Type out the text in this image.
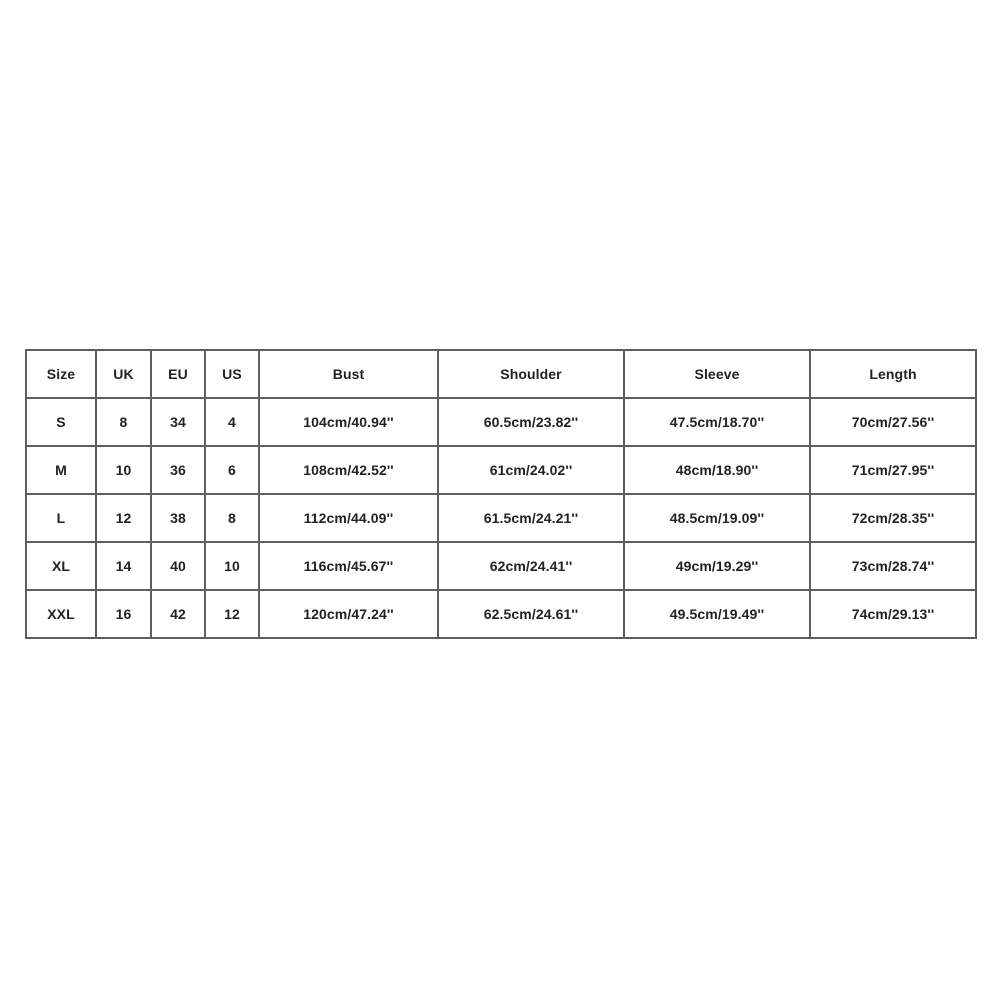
Size	UK	EU	US	Bust	Shoulder	Sleeve	Length
S	8	34	4	104cm/40.94''	60.5cm/23.82''	47.5cm/18.70''	70cm/27.56''
M	10	36	6	108cm/42.52''	61cm/24.02''	48cm/18.90''	71cm/27.95''
L	12	38	8	112cm/44.09''	61.5cm/24.21''	48.5cm/19.09''	72cm/28.35''
XL	14	40	10	116cm/45.67''	62cm/24.41''	49cm/19.29''	73cm/28.74''
XXL	16	42	12	120cm/47.24''	62.5cm/24.61''	49.5cm/19.49''	74cm/29.13''
